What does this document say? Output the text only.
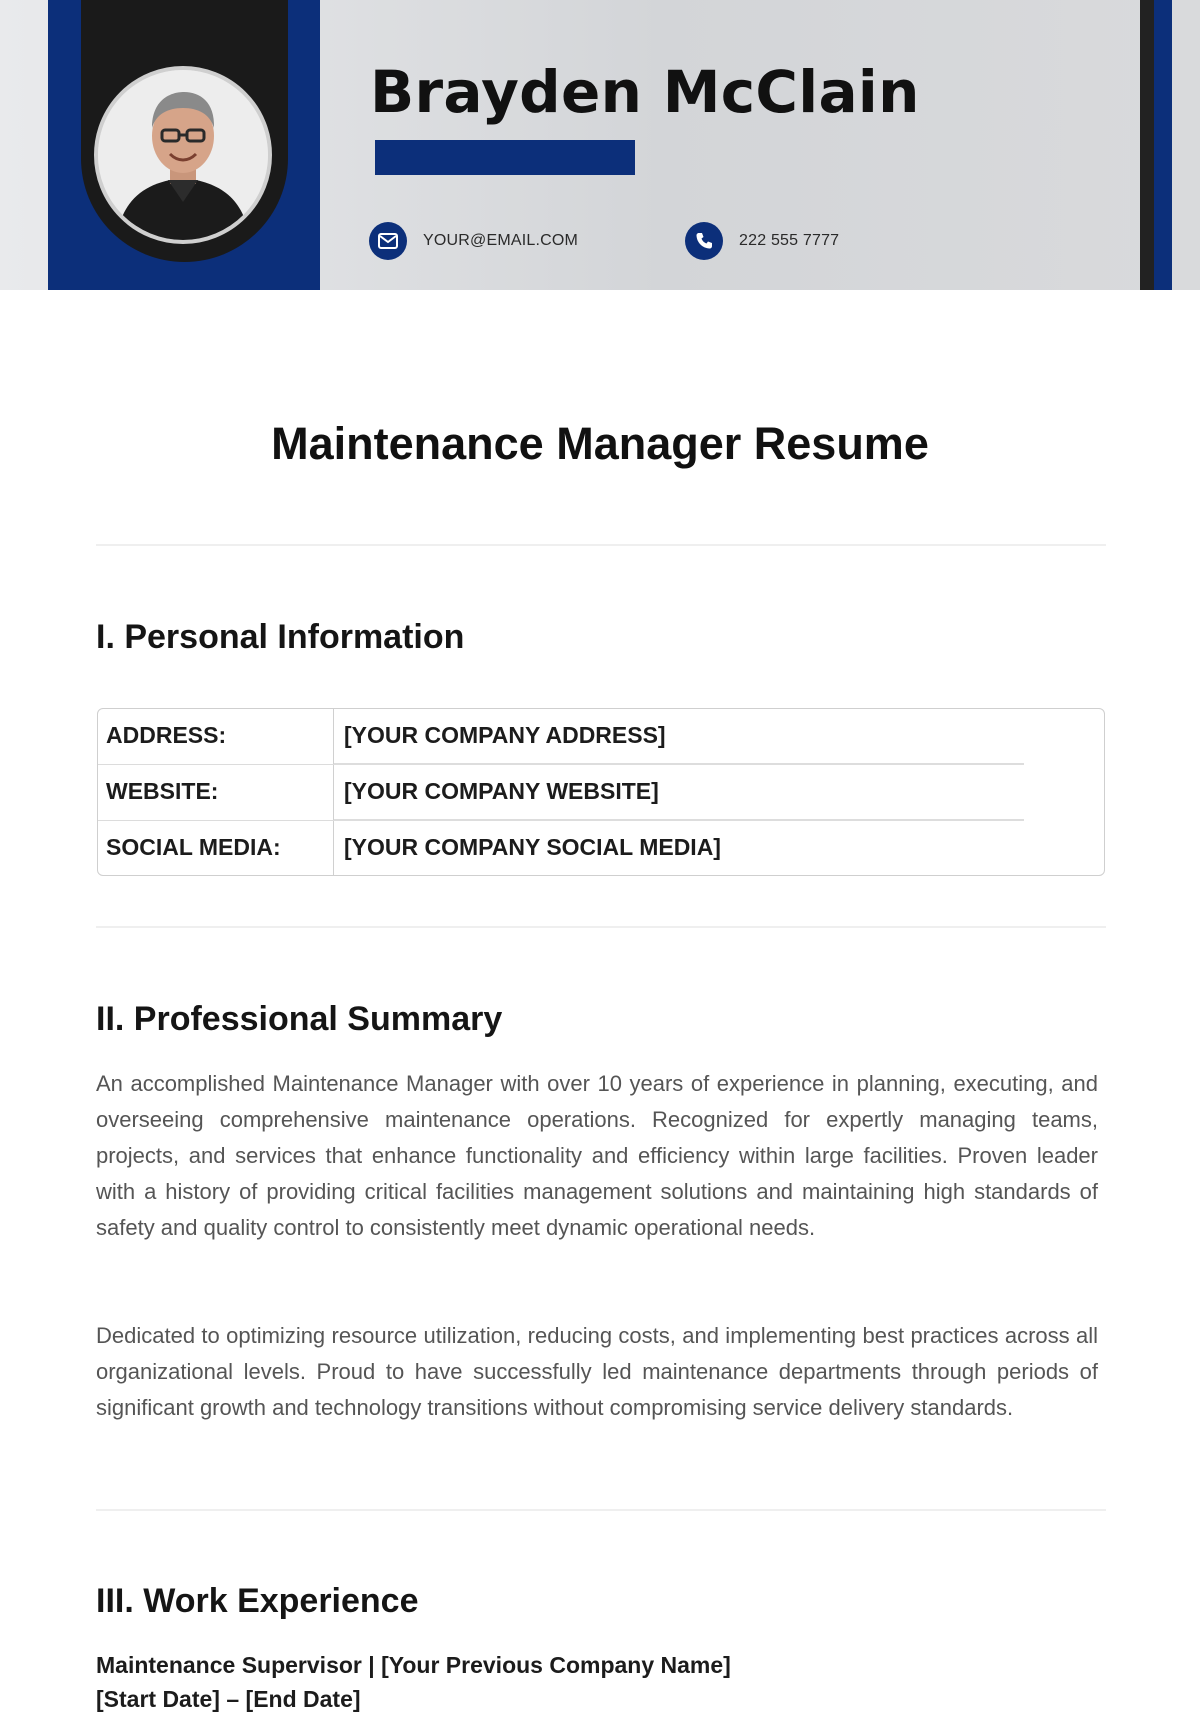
Brayden McClain
YOUR@EMAIL.COM	222 555 7777
Maintenance Manager Resume
I. Personal Information
ADDRESS:	[YOUR COMPANY ADDRESS]
WEBSITE:	[YOUR COMPANY WEBSITE]
SOCIAL MEDIA:	[YOUR COMPANY SOCIAL MEDIA]
II. Professional Summary

An accomplished Maintenance Manager with over 10 years of experience in planning, executing, and overseeing comprehensive maintenance operations. Recognized for expertly managing teams, projects, and services that enhance functionality and efficiency within large facilities. Proven leader with a history of providing critical facilities management solutions and maintaining high standards of safety and quality control to consistently meet dynamic operational needs.

Dedicated to optimizing resource utilization, reducing costs, and implementing best practices across all organizational levels. Proud to have successfully led maintenance departments through periods of significant growth and technology transitions without compromising service delivery standards.

III. Work Experience

Maintenance Supervisor | [Your Previous Company Name]

[Start Date] – [End Date]
